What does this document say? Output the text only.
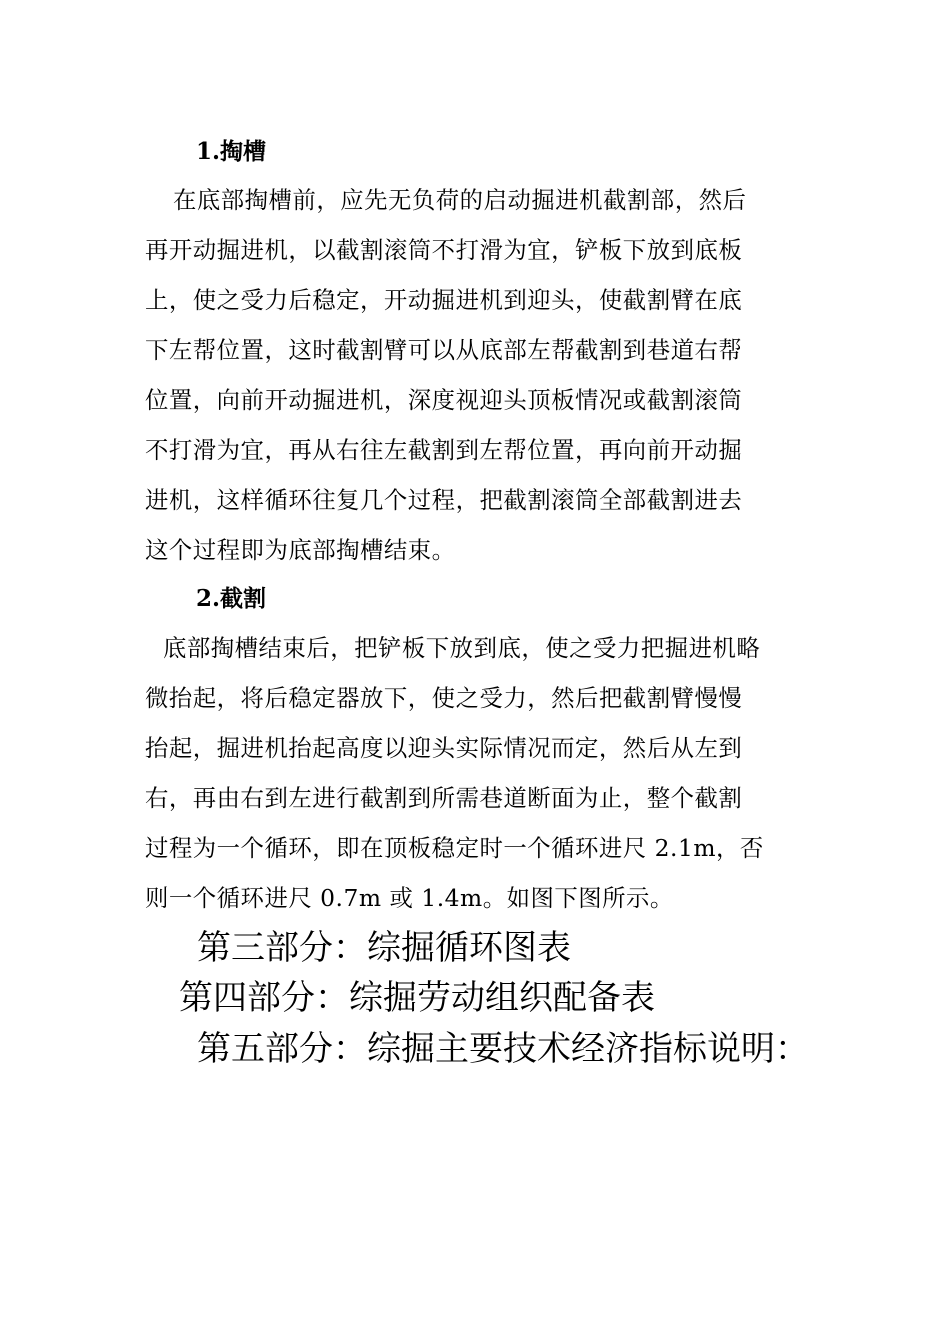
1.掏槽
在底部掏槽前，应先无负荷的启动掘进机截割部，然后
再开动掘进机，以截割滚筒不打滑为宜，铲板下放到底板
上，使之受力后稳定，开动掘进机到迎头，使截割臂在底
下左帮位置，这时截割臂可以从底部左帮截割到巷道右帮
位置，向前开动掘进机，深度视迎头顶板情况或截割滚筒
不打滑为宜，再从右往左截割到左帮位置，再向前开动掘
进机，这样循环往复几个过程，把截割滚筒全部截割进去
这个过程即为底部掏槽结束。
2.截割
底部掏槽结束后，把铲板下放到底，使之受力把掘进机略
微抬起，将后稳定器放下，使之受力，然后把截割臂慢慢
抬起，掘进机抬起高度以迎头实际情况而定，然后从左到
右，再由右到左进行截割到所需巷道断面为止，整个截割
过程为一个循环，即在顶板稳定时一个循环进尺 2.1m，否
则一个循环进尺 0.7m 或 1.4m。如图下图所示。
第三部分：综掘循环图表
第四部分：综掘劳动组织配备表
第五部分：综掘主要技术经济指标说明：
